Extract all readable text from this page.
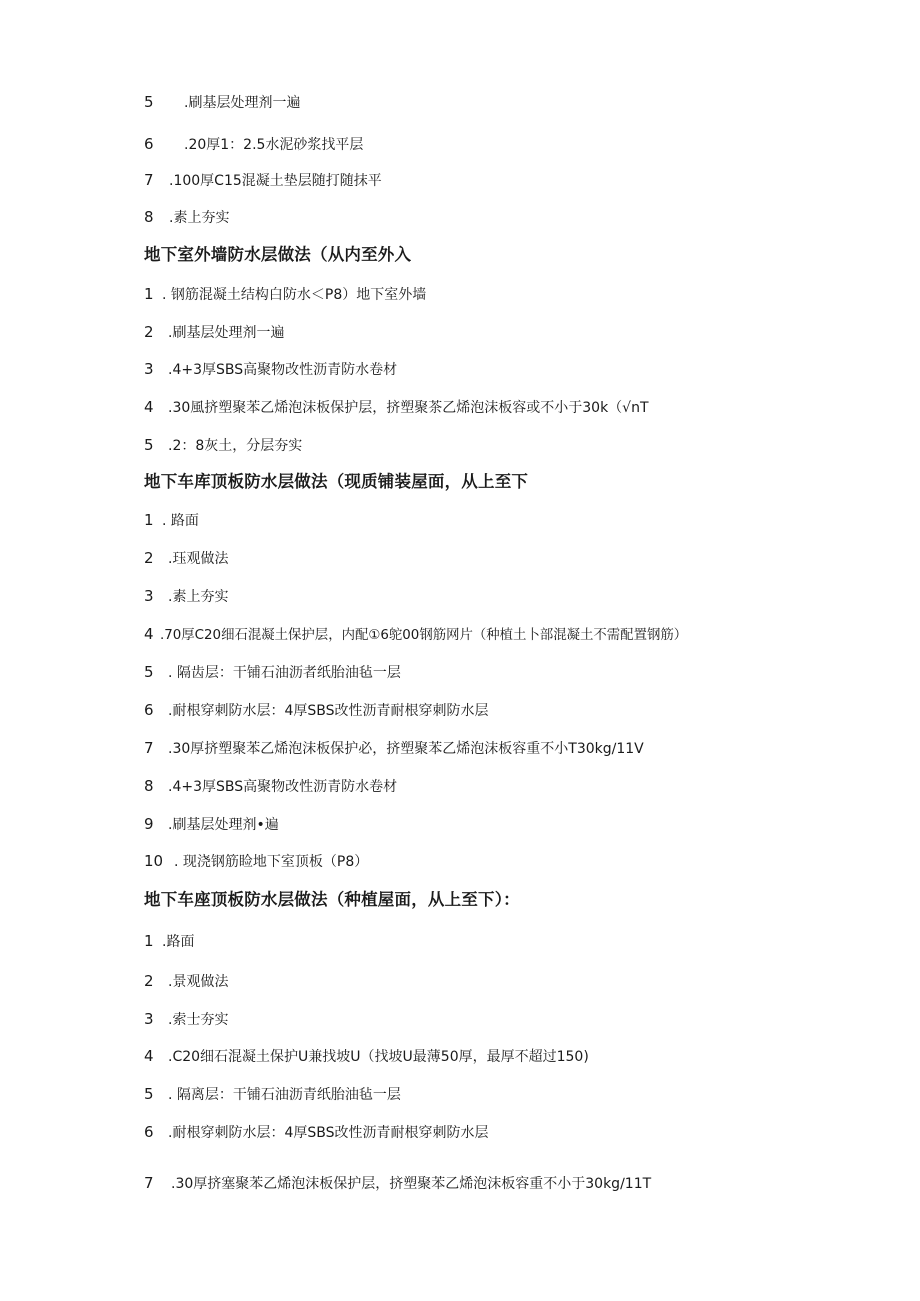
5 .刷基层处理剂一遍
6 .20厚1：2.5水泥砂浆找平层
7 .100厚C15混凝土垫层随打随抹平
8 .素上夯实
地下室外墙防水层做法（从内至外入
1 . 钢筋混凝土结构白防水＜P8）地下室外墙
2 .刷基层处理剂一遍
3 .4+3厚SBS高聚物改性沥青防水卷材
4 .30風挤塑聚苯乙烯泡沫板保护层，挤塑聚茶乙烯泡沫板容或不小于30k（√nT
5 .2：8灰土，分层夯实
地下车库顶板防水层做法（现质铺装屋面，从上至下
1 . 路面
2 .珏观做法
3 .素上夯实
4 .70厚C20细石混凝土保护层，内配①6鸵00钢筋网片（种植土卜部混凝土不需配置钢筋）
5 . 隔齿层：干铺石油沥者纸胎油毡一层
6 .耐根穿刺防水层：4厚SBS改性沥青耐根穿刺防水层
7 .30厚挤塑聚苯乙烯泡沫板保护必，挤塑聚苯乙烯泡沫板容重不小T30kg∕11V
8 .4+3厚SBS高聚物改性沥青防水卷材
9 .刷基层处理剂•遍
10 . 现浇钢筋睑地下室顶板（P8）
地下车座顶板防水层做法（种植屋面，从上至下）：
1 .路面
2 .景观做法
3 .索士夯实
4 .C20细石混凝土保护U兼找坡U（找坡U最薄50厚，最厚不超过150)
5 . 隔离层：干铺石油沥青纸胎油毡一层
6 .耐根穿刺防水层：4厚SBS改性沥青耐根穿刺防水层
7 .30厚挤塞聚苯乙烯泡沫板保护层，挤塑聚苯乙烯泡沫板容重不小于30kg∕11T
